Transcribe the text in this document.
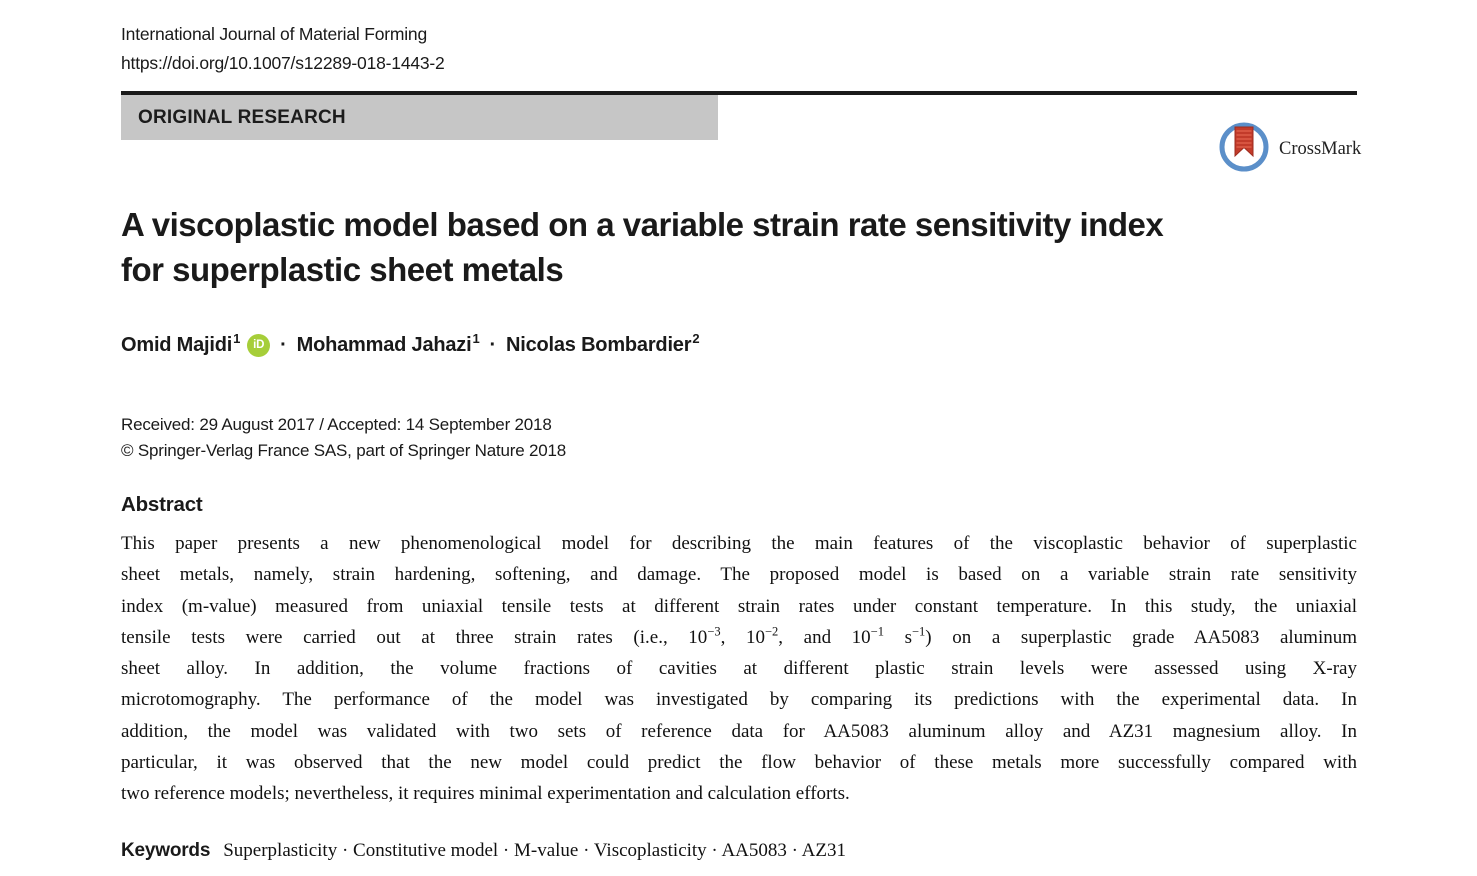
International Journal of Material Forming
https://doi.org/10.1007/s12289-018-1443-2
ORIGINAL RESEARCH
CrossMark
A viscoplastic model based on a variable strain rate sensitivity index
for superplastic sheet metals
Omid Majidi$^1$	iD · Mohammad Jahazi$^1$ · Nicolas Bombardier$^2$
Received: 29 August 2017 / Accepted: 14 September 2018
© Springer-Verlag France SAS, part of Springer Nature 2018
Abstract
This paper presents a new phenomenological model for describing the main features of the viscoplastic behavior of superplastic
sheet metals, namely, strain hardening, softening, and damage. The proposed model is based on a variable strain rate sensitivity
index (m-value) measured from uniaxial tensile tests at different strain rates under constant temperature. In this study, the uniaxial
tensile tests were carried out at three strain rates (i.e., $10^{-3}$, $10^{-2}$, and $10^{-1}$ $s^{-1}$) on a superplastic grade AA5083 aluminum
sheet alloy. In addition, the volume fractions of cavities at different plastic strain levels were assessed using X-ray
microtomography. The performance of the model was investigated by comparing its predictions with the experimental data. In
addition, the model was validated with two sets of reference data for AA5083 aluminum alloy and AZ31 magnesium alloy. In
particular, it was observed that the new model could predict the flow behavior of these metals more successfully compared with
two reference models; nevertheless, it requires minimal experimentation and calculation efforts.
Keywords Superplasticity · Constitutive model · M-value · Viscoplasticity · AA5083 · AZ31
